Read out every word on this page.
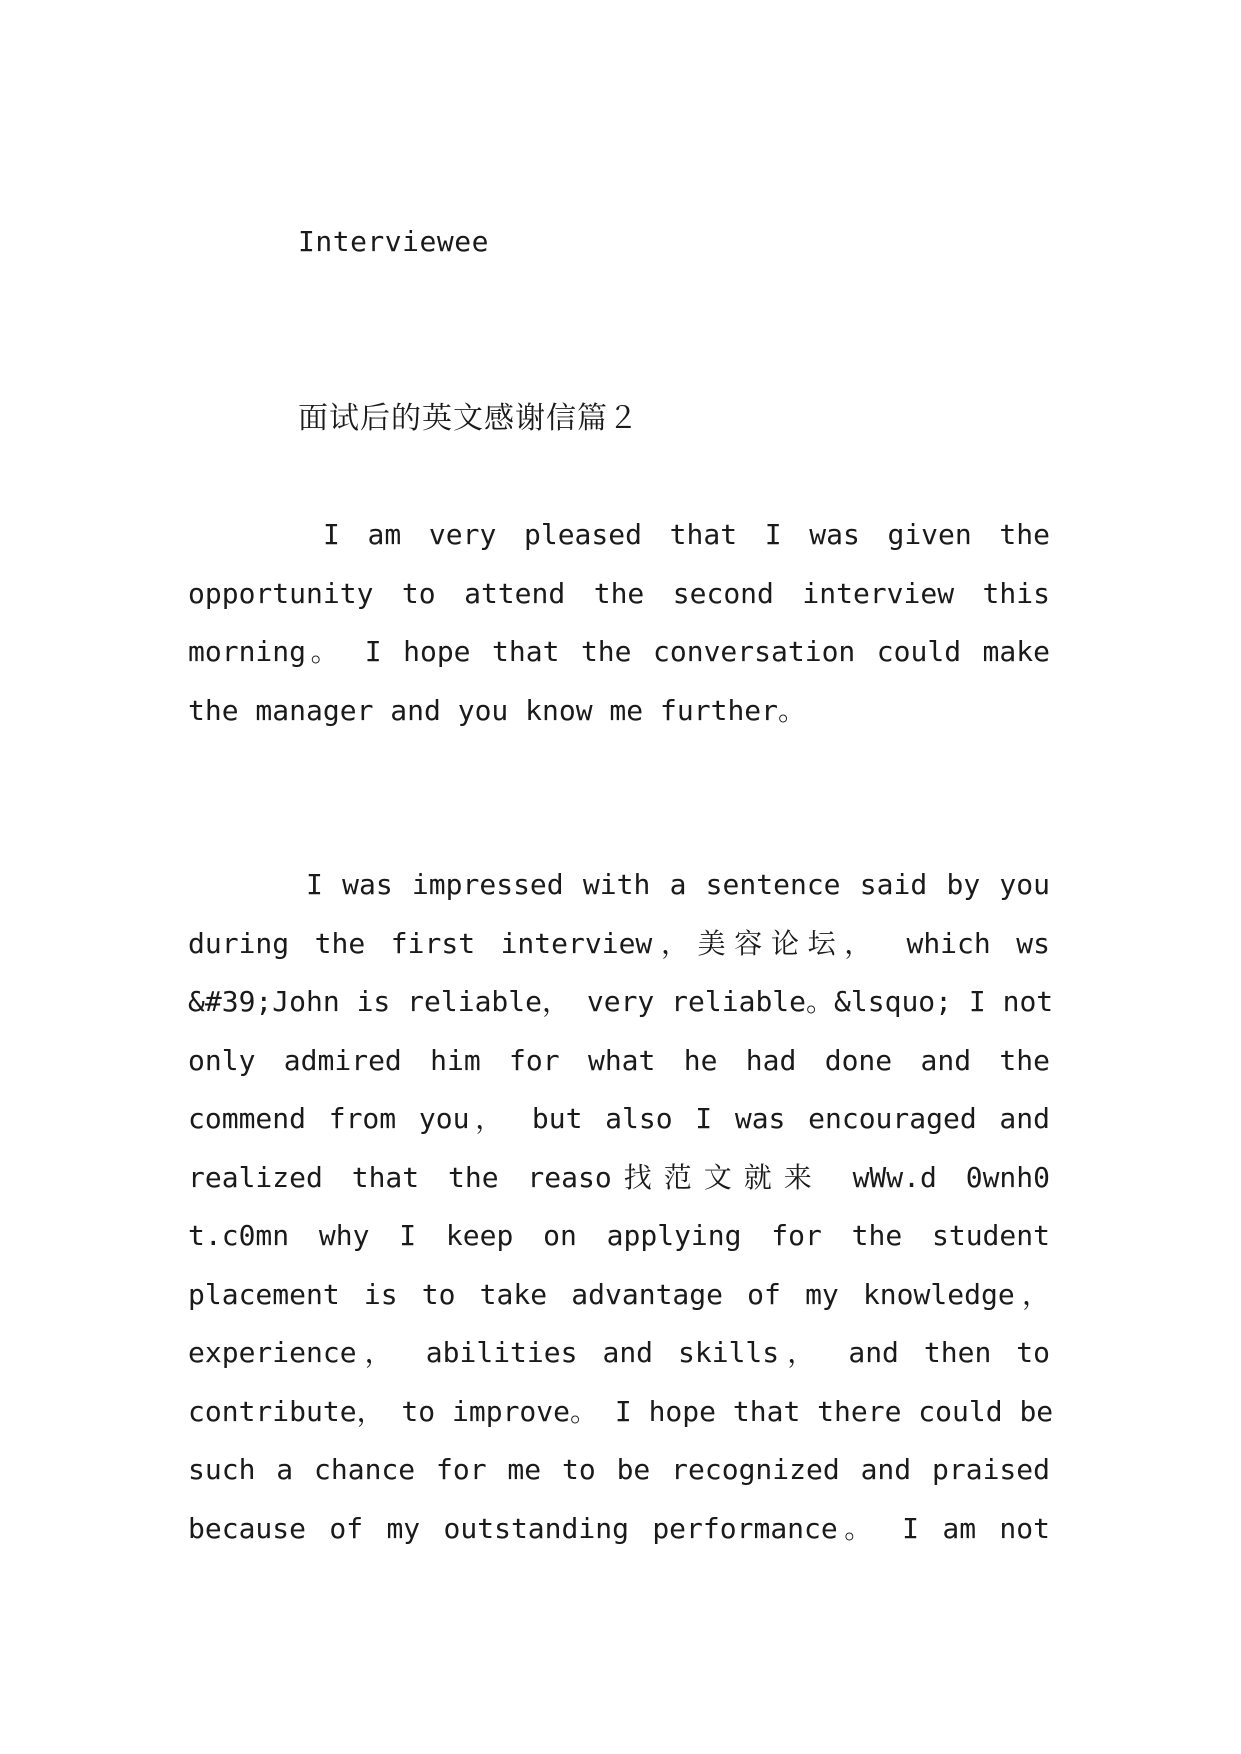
Interviewee
面试后的英文感谢信篇２
I am very pleased that I was given the
opportunity to attend the second interview this
morning。 I hope that the conversation could make
the manager and you know me further。
I was impressed with a sentence said by you
during the first interview，美容论坛， which ws
&#39;John is reliable， very reliable。&lsquo; I not
only admired him for what he had done and the
commend from you， but also I was encouraged and
realized that the reaso找范文就来 wWw.d 0wnh0
t.c0mn why I keep on applying for the student
placement is to take advantage of my knowledge，
experience， abilities and skills， and then to
contribute， to improve。 I hope that there could be
such a chance for me to be recognized and praised
because of my outstanding performance。 I am not
